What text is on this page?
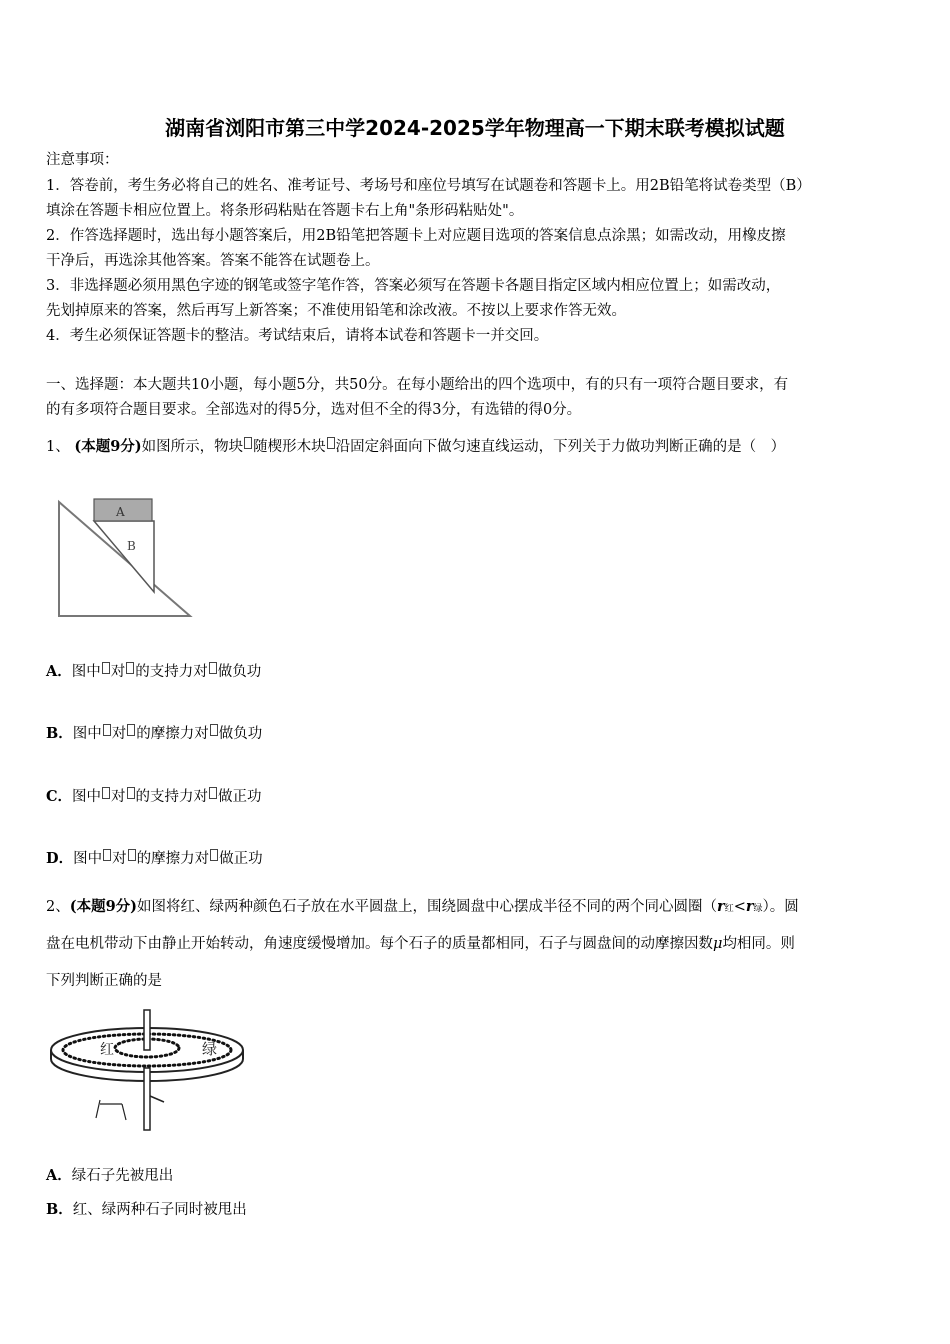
湖南省浏阳市第三中学2024-2025学年物理高一下期末联考模拟试题
注意事项：
1．答卷前，考生务必将自己的姓名、准考证号、考场号和座位号填写在试题卷和答题卡上。用2B铅笔将试卷类型（B）
填涂在答题卡相应位置上。将条形码粘贴在答题卡右上角"条形码粘贴处"。
2．作答选择题时，选出每小题答案后，用2B铅笔把答题卡上对应题目选项的答案信息点涂黑；如需改动，用橡皮擦
干净后，再选涂其他答案。答案不能答在试题卷上。
3．非选择题必须用黑色字迹的钢笔或签字笔作答，答案必须写在答题卡各题目指定区域内相应位置上；如需改动，
先划掉原来的答案，然后再写上新答案；不准使用铅笔和涂改液。不按以上要求作答无效。
4．考生必须保证答题卡的整洁。考试结束后，请将本试卷和答题卡一并交回。
一、选择题：本大题共10小题，每小题5分，共50分。在每小题给出的四个选项中，有的只有一项符合题目要求，有
的有多项符合题目要求。全部选对的得5分，选对但不全的得3分，有选错的得0分。
1、 (本题9分)如图所示，物块 随楔形木块 沿固定斜面向下做匀速直线运动，下列关于力做功判断正确的是（　）
A
B
A．图中 对 的支持力对 做负功
B．图中 对 的摩擦力对 做负功
C．图中 对 的支持力对 做正功
D．图中 对 的摩擦力对 做正功
2、(本题9分)如图将红、绿两种颜色石子放在水平圆盘上，围绕圆盘中心摆成半径不同的两个同心圆圈（r红<r绿）。圆
盘在电机带动下由静止开始转动，角速度缓慢增加。每个石子的质量都相同，石子与圆盘间的动摩擦因数μ均相同。则
下列判断正确的是
红	绿
A．绿石子先被甩出
B．红、绿两种石子同时被甩出
